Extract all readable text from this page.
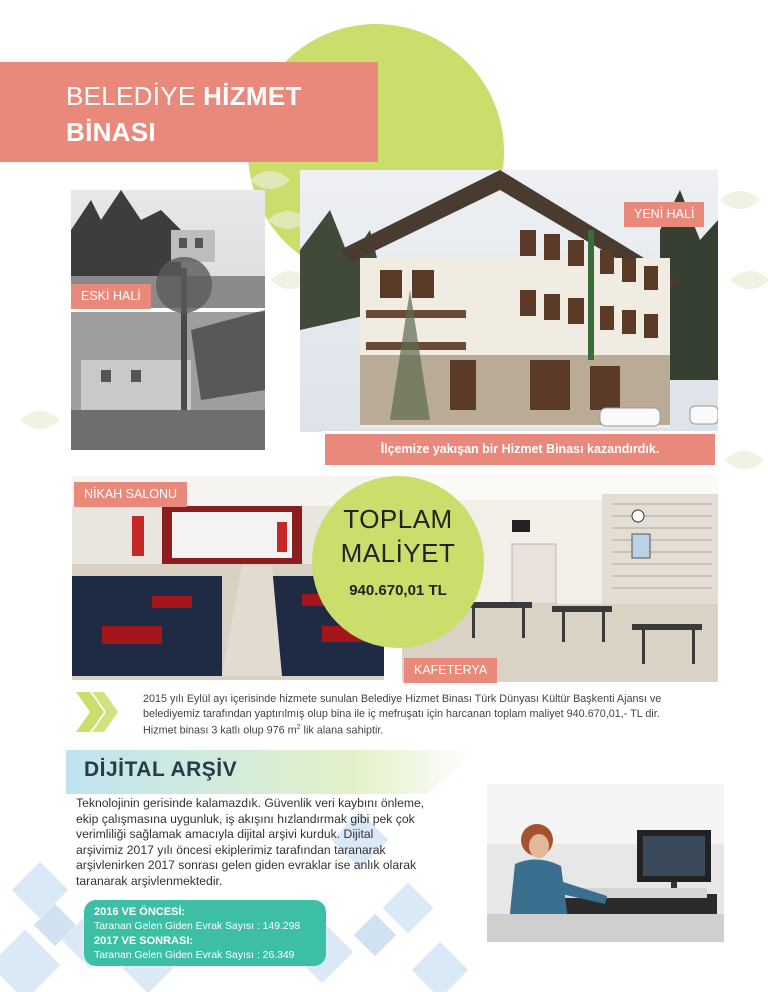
BELEDİYE HİZMET
BİNASI
ESKİ HALİ
YENİ HALİ
İlçemize yakışan bir Hizmet Binası kazandırdık.
NİKAH SALONU
KAFETERYA
TOPLAM
MALİYET
940.670,01 TL
2015 yılı Eylül ayı içerisinde hizmete sunulan Belediye Hizmet Binası Türk Dünyası Kültür Başkenti Ajansı ve
belediyemiz tarafından yaptırılmış olup bina ile iç mefruşatı için harcanan toplam maliyet 940.670,01,- TL dir.
Hizmet binası 3 katlı olup 976 $m^2$ lik alana sahiptir.
DİJİTAL ARŞİV
Teknolojinin gerisinde kalamazdık. Güvenlik veri kaybını önleme,
ekip çalışmasına uygunluk, iş akışını hızlandırmak gibi pek çok
verimliliği sağlamak amacıyla dijital arşivi kurduk. Dijital
arşivimiz 2017 yılı öncesi ekiplerimiz tarafından taranarak
arşivlenirken 2017 sonrası gelen giden evraklar ise anlık olarak
taranarak arşivlenmektedir.
2016 VE ÖNCESİ:
Taranan Gelen Giden Evrak Sayısı : 149.298
2017 VE SONRASI:
Taranan Gelen Giden Evrak Sayısı : 26.349
